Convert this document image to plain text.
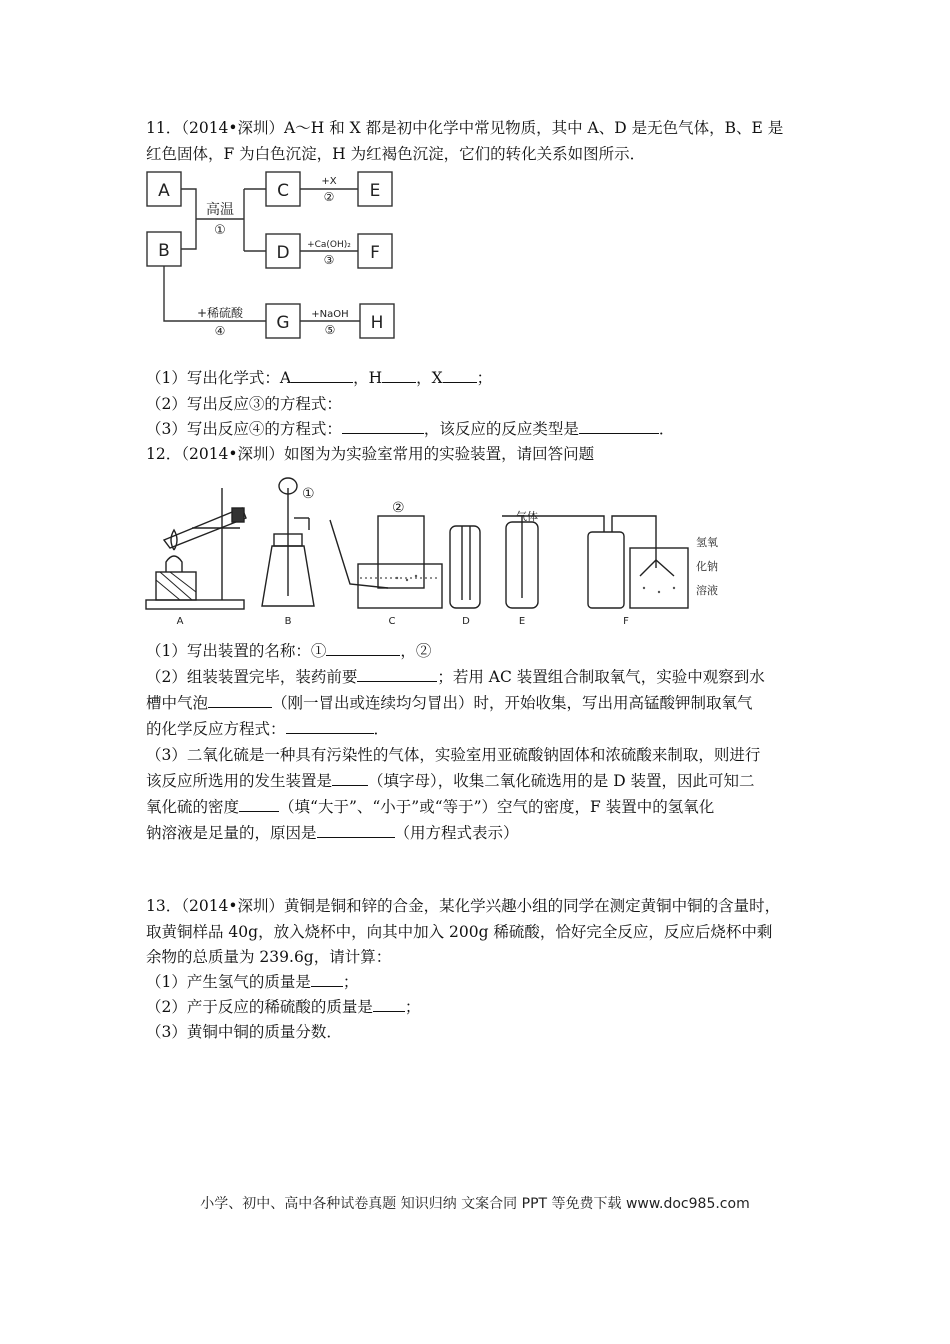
11．（2014•深圳）A～H 和 X 都是初中化学中常见物质，其中 A、D 是无色气体，B、E 是
红色固体，F 为白色沉淀，H 为红褐色沉淀，它们的转化关系如图所示．
A
B
C
D
E
F
G	H
高温
①
+X
②
+Ca(OH)₂
③
+稀硫酸
④
+NaOH
⑤
（1）写出化学式：A	，H ，X ；
（2）写出反应③的方程式：
（3）写出反应④的方程式：	，该反应的反应类型是	．
12．（2014•深圳）如图为为实验室常用的实验装置，请回答问题
A	B	C	D	E	F
①
②
气体
氢氧
化钠
溶液
（1）写出装置的名称：①	，②
（2）组装装置完毕，装药前要	；若用 AC 装置组合制取氧气，实验中观察到水
槽中气泡	（刚一冒出或连续均匀冒出）时，开始收集，写出用高锰酸钾制取氧气
的化学反应方程式：	．
（3）二氧化硫是一种具有污染性的气体，实验室用亚硫酸钠固体和浓硫酸来制取，则进行
该反应所选用的发生装置是 （填字母），收集二氧化硫选用的是 D 装置，因此可知二
氧化硫的密度	（填“大于”、“小于”或“等于”）空气的密度，F 装置中的氢氧化
钠溶液是足量的，原因是	（用方程式表示）
13．（2014•深圳）黄铜是铜和锌的合金，某化学兴趣小组的同学在测定黄铜中铜的含量时，
取黄铜样品 40g，放入烧杯中，向其中加入 200g 稀硫酸，恰好完全反应，反应后烧杯中剩
余物的总质量为 239.6g，请计算：
（1）产生氢气的质量是 ；
（2）产于反应的稀硫酸的质量是 ；
（3）黄铜中铜的质量分数．
小学、初中、高中各种试卷真题 知识归纳 文案合同 PPT 等免费下载 www.doc985.com
